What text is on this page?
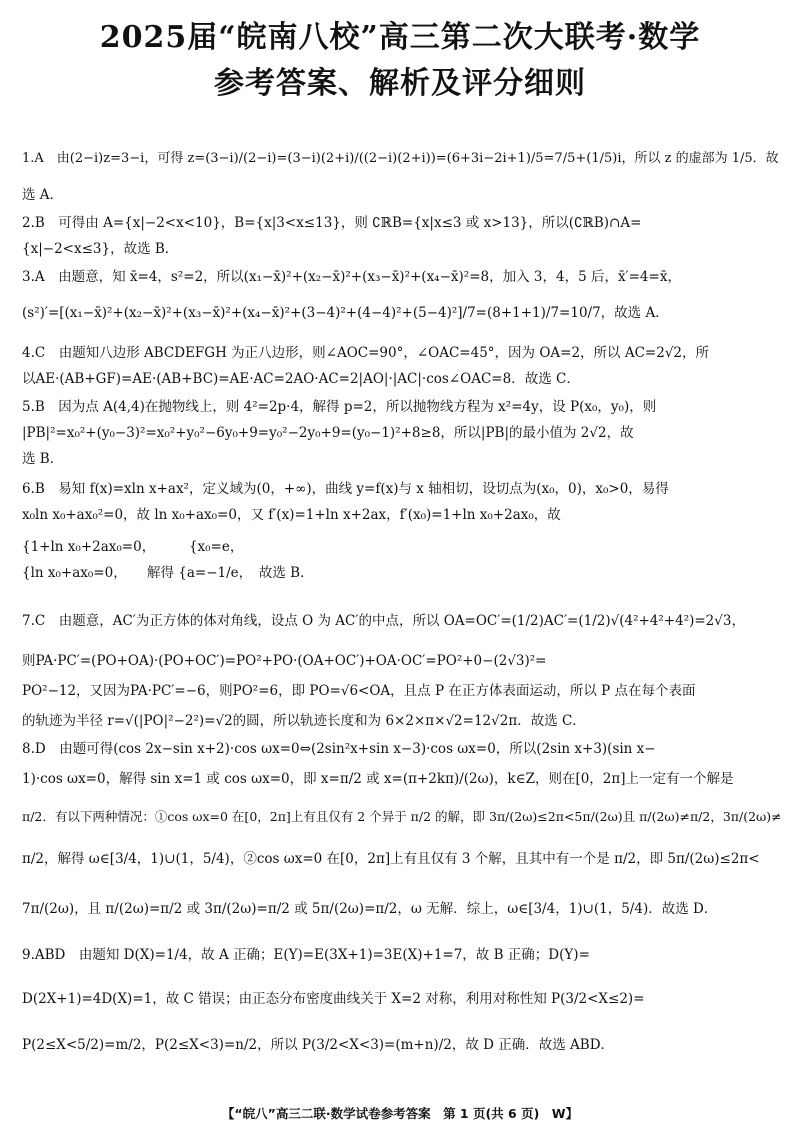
2025届“皖南八校”高三第二次大联考·数学
参考答案、解析及评分细则
1.A　由(2−i)z=3−i，可得 z=(3−i)/(2−i)=(3−i)(2+i)/((2−i)(2+i))=(6+3i−2i+1)/5=7/5+(1/5)i，所以 z 的虚部为 1/5．故
选 A．
2.B　可得由 A={x|−2<x<10}，B={x|3<x≤13}，则 ∁ℝB={x|x≤3 或 x>13}，所以(∁ℝB)∩A=
{x|−2<x≤3}，故选 B．
3.A　由题意，知 x̄=4，s²=2，所以(x₁−x̄)²+(x₂−x̄)²+(x₃−x̄)²+(x₄−x̄)²=8，加入 3，4，5 后，x̄′=4=x̄，
(s²)′=[(x₁−x̄)²+(x₂−x̄)²+(x₃−x̄)²+(x₄−x̄)²+(3−4)²+(4−4)²+(5−4)²]/7=(8+1+1)/7=10/7，故选 A．
4.C　由题知八边形 ABCDEFGH 为正八边形，则∠AOC=90°，∠OAC=45°，因为 OA=2，所以 AC=2√2，所
以AE·(AB+GF)=AE·(AB+BC)=AE·AC=2AO·AC=2|AO|·|AC|·cos∠OAC=8．故选 C．
5.B　因为点 A(4,4)在抛物线上，则 4²=2p·4，解得 p=2，所以抛物线方程为 x²=4y，设 P(x₀，y₀)，则
|PB|²=x₀²+(y₀−3)²=x₀²+y₀²−6y₀+9=y₀²−2y₀+9=(y₀−1)²+8≥8，所以|PB|的最小值为 2√2，故
选 B．
6.B　易知 f(x)=xln x+ax²，定义域为(0，+∞)，曲线 y=f(x)与 x 轴相切，设切点为(x₀，0)，x₀>0，易得
x₀ln x₀+ax₀²=0，故 ln x₀+ax₀=0，又 f′(x)=1+ln x+2ax，f′(x₀)=1+ln x₀+2ax₀，故
{1+ln x₀+2ax₀=0，　　　{x₀=e，
{ln x₀+ax₀=0，　　解得 {a=−1/e，　故选 B．
7.C　由题意，AC′为正方体的体对角线，设点 O 为 AC′的中点，所以 OA=OC′=(1/2)AC′=(1/2)√(4²+4²+4²)=2√3，
则PA·PC′=(PO+OA)·(PO+OC′)=PO²+PO·(OA+OC′)+OA·OC′=PO²+0−(2√3)²=
PO²−12，又因为PA·PC′=−6，则PO²=6，即 PO=√6<OA，且点 P 在正方体表面运动，所以 P 点在每个表面
的轨迹为半径 r=√(|PO|²−2²)=√2的圆，所以轨迹长度和为 6×2×π×√2=12√2π．故选 C．
8.D　由题可得(cos 2x−sin x+2)·cos ωx=0⇔(2sin²x+sin x−3)·cos ωx=0，所以(2sin x+3)(sin x−
1)·cos ωx=0，解得 sin x=1 或 cos ωx=0，即 x=π/2 或 x=(π+2kπ)/(2ω)，k∈Z，则在[0，2π]上一定有一个解是
π/2．有以下两种情况：①cos ωx=0 在[0，2π]上有且仅有 2 个异于 π/2 的解，即 3π/(2ω)≤2π<5π/(2ω)且 π/(2ω)≠π/2，3π/(2ω)≠
π/2，解得 ω∈[3/4，1)∪(1，5/4)，②cos ωx=0 在[0，2π]上有且仅有 3 个解，且其中有一个是 π/2，即 5π/(2ω)≤2π<
7π/(2ω)，且 π/(2ω)=π/2 或 3π/(2ω)=π/2 或 5π/(2ω)=π/2，ω 无解．综上，ω∈[3/4，1)∪(1，5/4)．故选 D．
9.ABD　由题知 D(X)=1/4，故 A 正确；E(Y)=E(3X+1)=3E(X)+1=7，故 B 正确；D(Y)=
D(2X+1)=4D(X)=1，故 C 错误；由正态分布密度曲线关于 X=2 对称，利用对称性知 P(3/2<X≤2)=
P(2≤X<5/2)=m/2，P(2≤X<3)=n/2，所以 P(3/2<X<3)=(m+n)/2，故 D 正确．故选 ABD．
【“皖八”高三二联·数学试卷参考答案　第 1 页(共 6 页)　W】
